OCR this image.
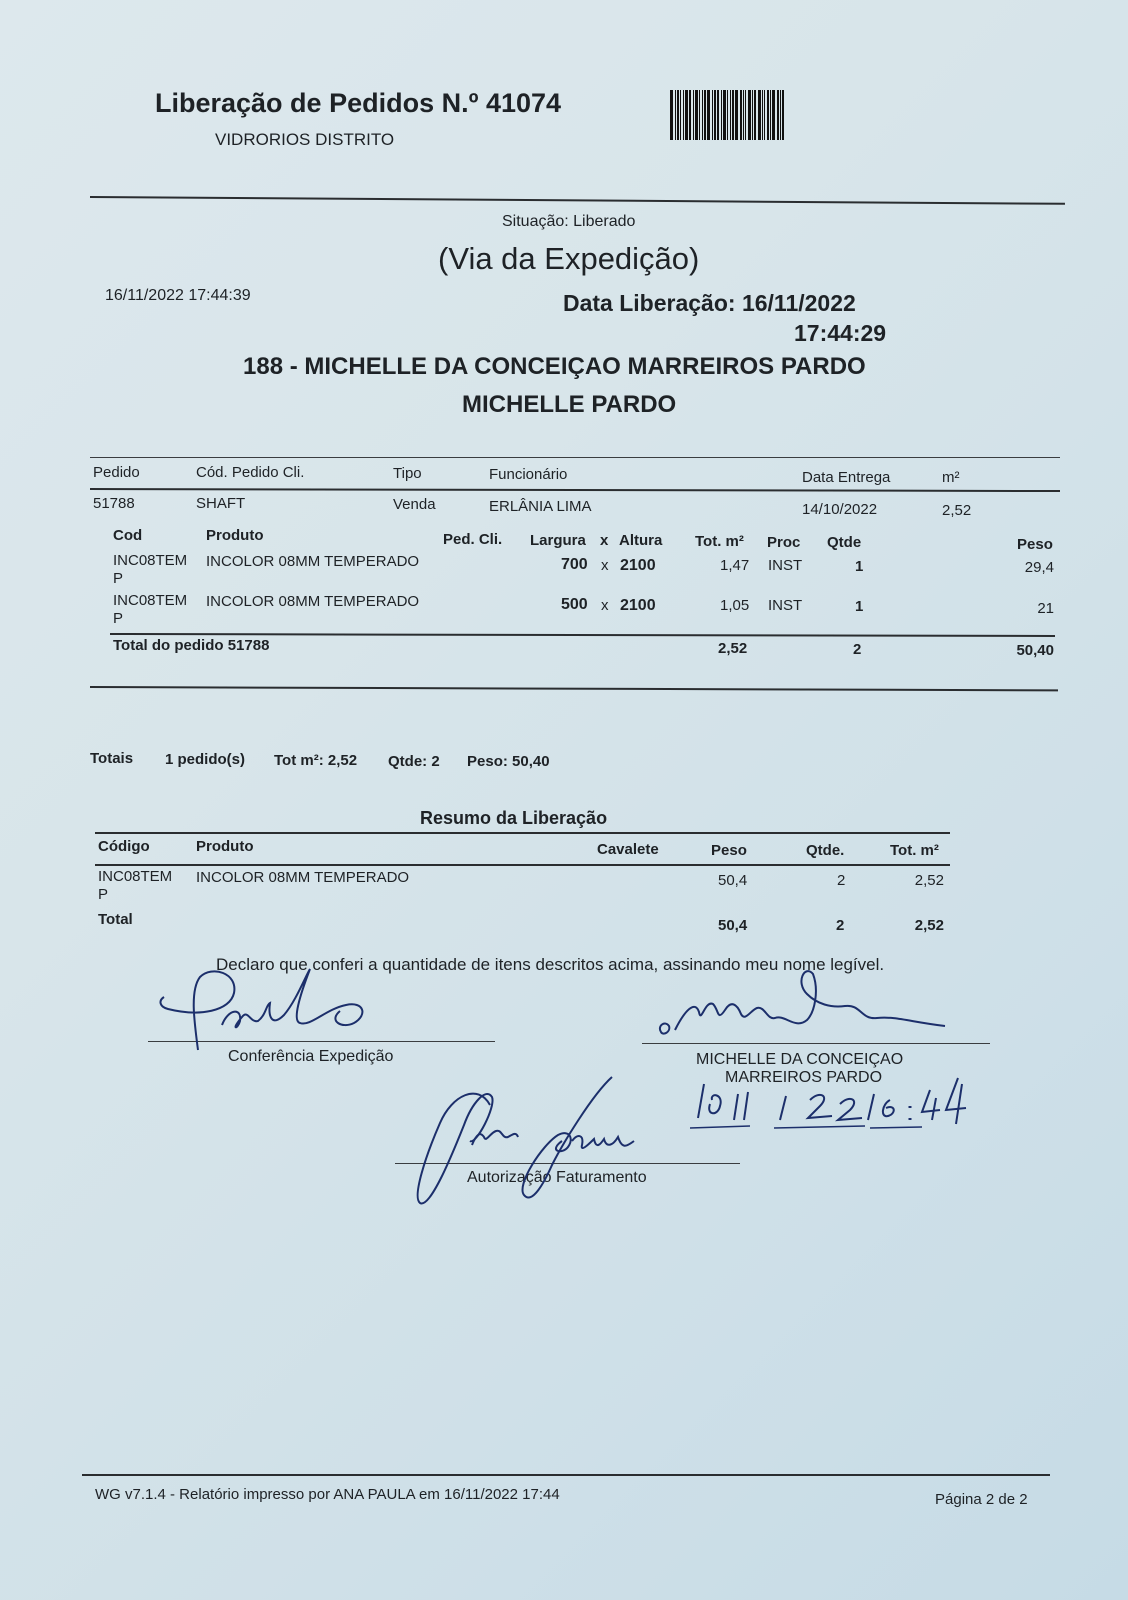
Liberação de Pedidos N.º 41074
VIDRORIOS DISTRITO
Situação: Liberado
(Via da Expedição)
16/11/2022 17:44:39	Data Liberação: 16/11/2022
17:44:29
188 - MICHELLE DA CONCEIÇAO MARREIROS PARDO
MICHELLE PARDO
Pedido	Cód. Pedido Cli.	Tipo	Funcionário	Data Entrega	m²
51788	SHAFT	Venda	ERLÂNIA LIMA	14/10/2022	2,52
Cod	Produto	Ped. Cli. Largura x Altura Tot. m² Proc Qtde	Peso
INC08TEM
P
INCOLOR 08MM TEMPERADO	700 x 2100	1,47 INST	1	29,4
INC08TEM
P
INCOLOR 08MM TEMPERADO	500 x 2100	1,05 INST	1	21
Total do pedido 51788	2,52	2	50,40
Totais 1 pedido(s) Tot m²: 2,52 Qtde: 2 Peso: 50,40
Resumo da Liberação
Código	Produto	Cavalete	Peso	Qtde.	Tot. m²
INC08TEM
P
INCOLOR 08MM TEMPERADO	50,4	2	2,52
Total	50,4	2	2,52
Declaro que conferi a quantidade de itens descritos acima, assinando meu nome legível.
Conferência Expedição	MICHELLE DA CONCEIÇAO
MARREIROS PARDO
Autorização Faturamento
WG v7.1.4 - Relatório impresso por ANA PAULA em 16/11/2022 17:44	Página 2 de 2
